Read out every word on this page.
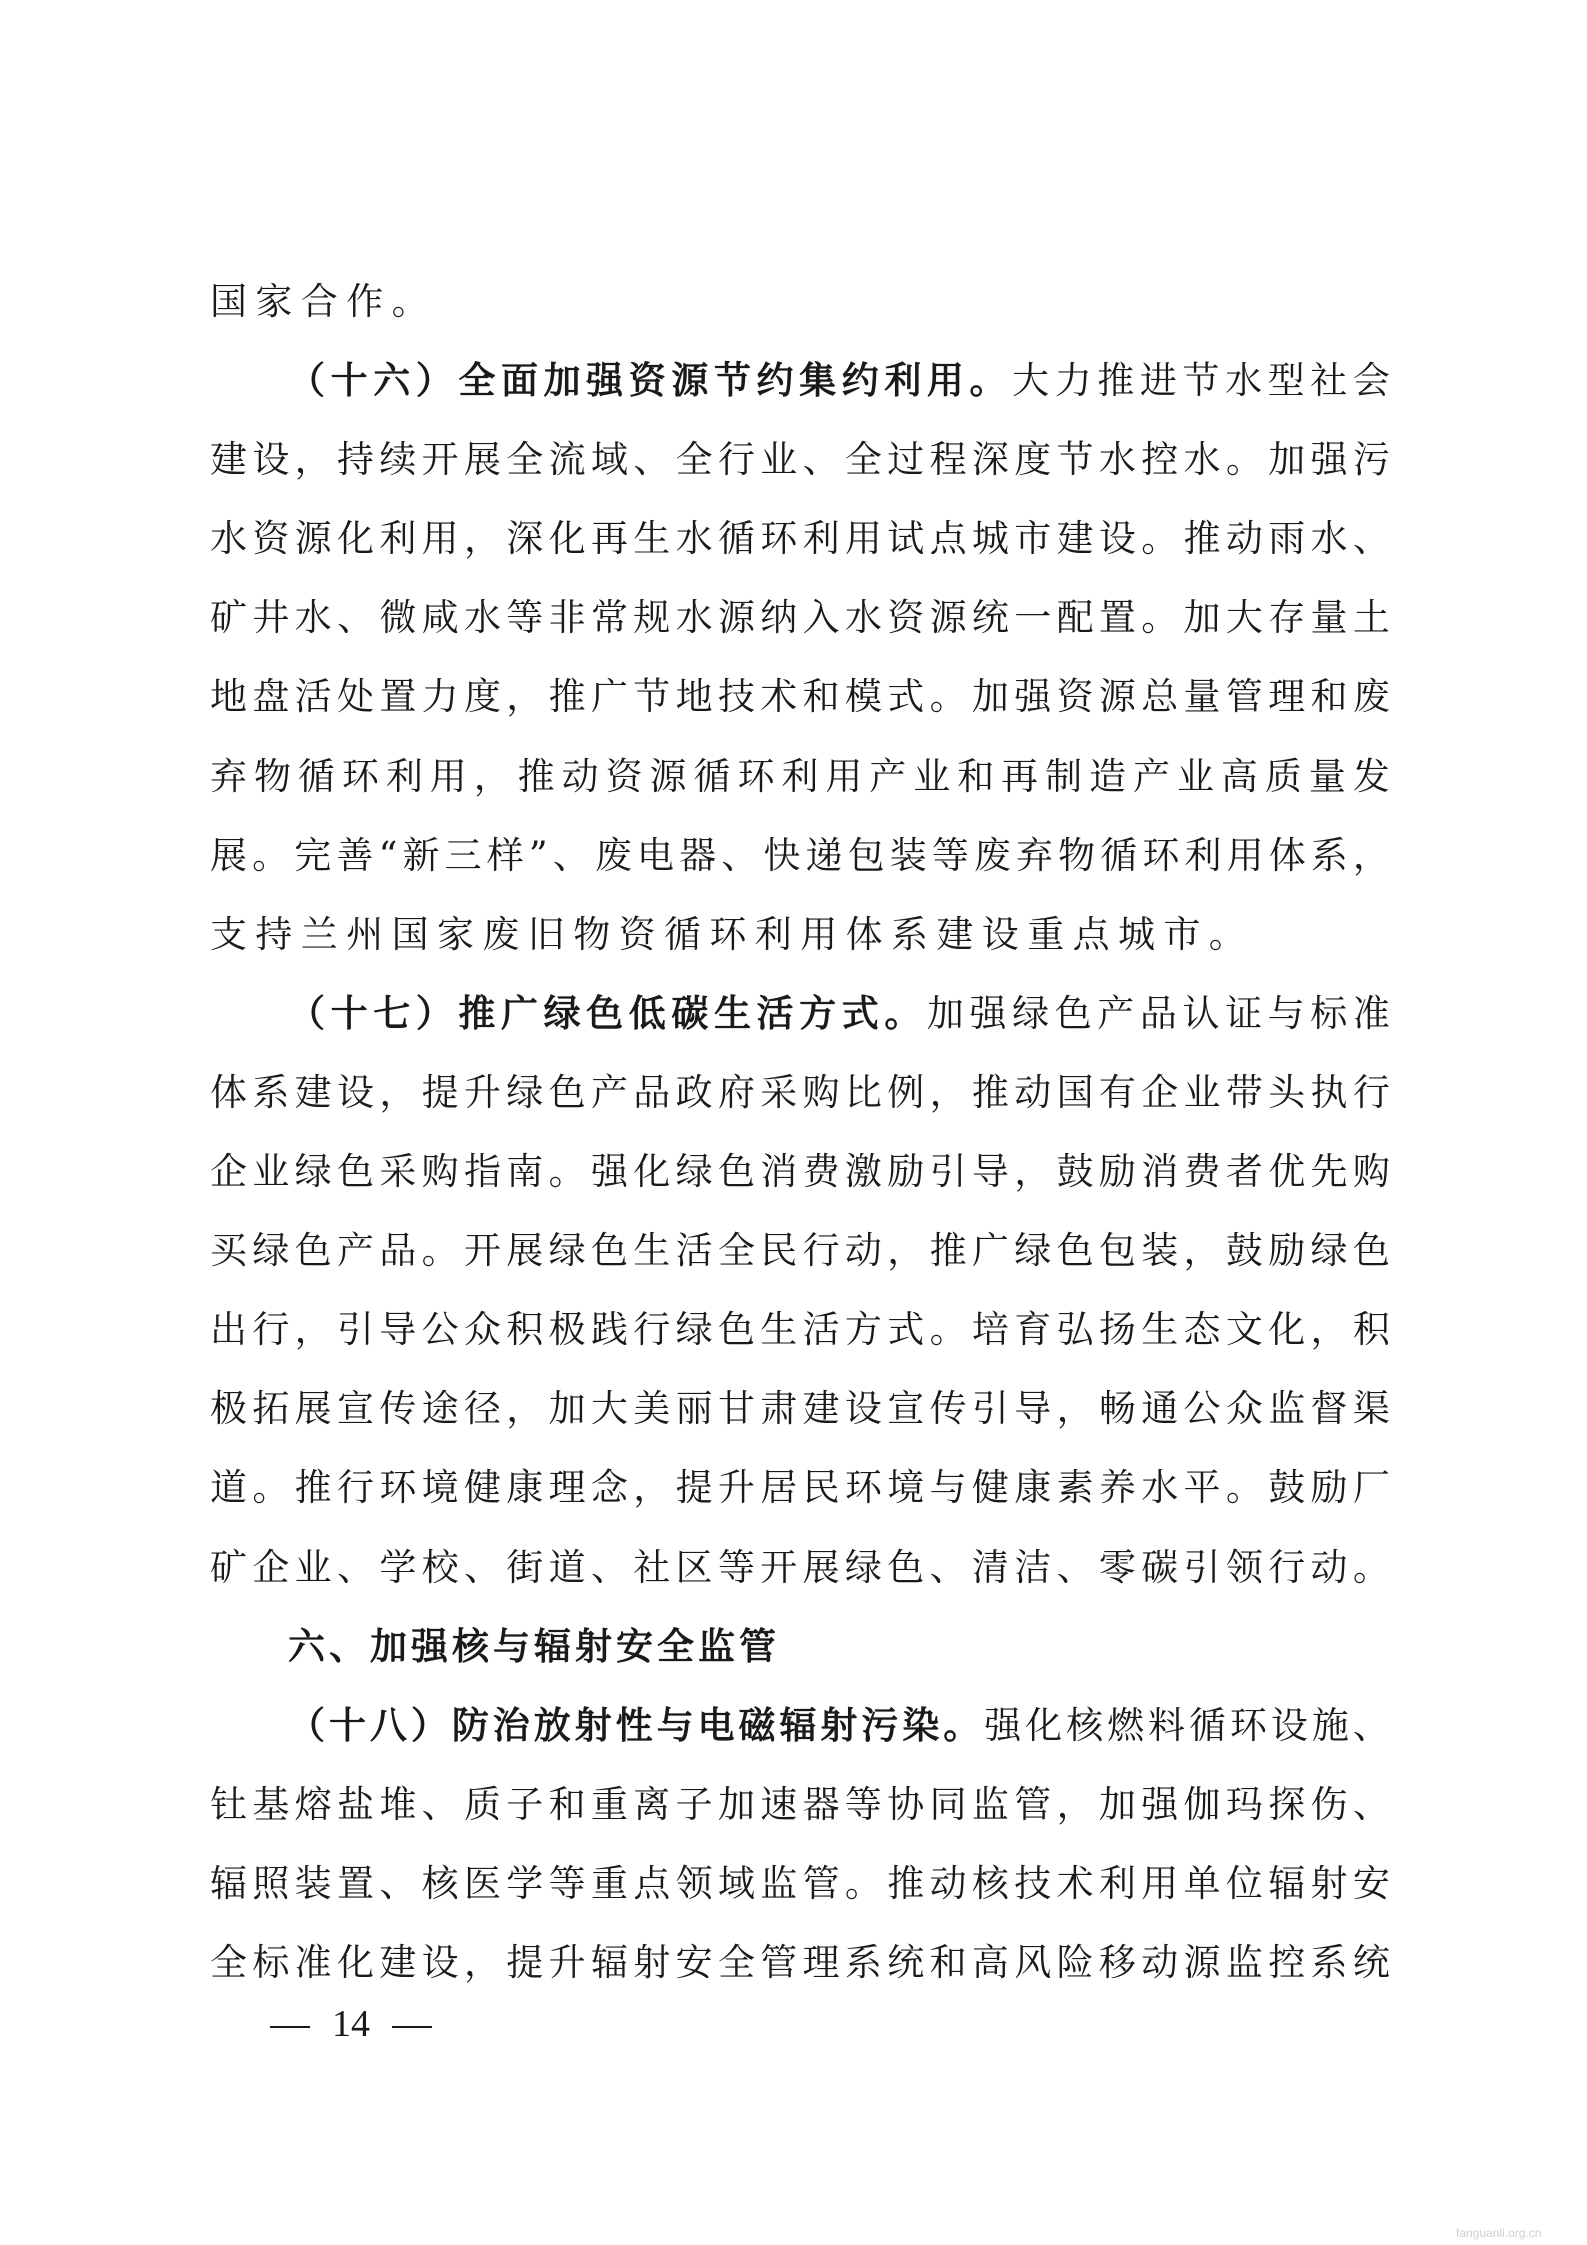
国家合作。
（ 十 六 ） 全 面 加 强 资 源 节 约 集 约 利 用 。 大 力 推 进 节 水 型 社 会
建 设 ， 持 续 开 展 全 流 域 、 全 行 业 、 全 过 程 深 度 节 水 控 水 。 加 强 污
水 资 源 化 利 用 ， 深 化 再 生 水 循 环 利 用 试 点 城 市 建 设 。 推 动 雨 水 、
矿 井 水 、 微 咸 水 等 非 常 规 水 源 纳 入 水 资 源 统 一 配 置 。 加 大 存 量 土
地 盘 活 处 置 力 度 ， 推 广 节 地 技 术 和 模 式 。 加 强 资 源 总 量 管 理 和 废
弃 物 循 环 利 用 ， 推 动 资 源 循 环 利 用 产 业 和 再 制 造 产 业 高 质 量 发
展 。 完 善 “ 新 三 样 ” 、 废 电 器 、 快 递 包 装 等 废 弃 物 循 环 利 用 体 系 ，
支持兰州国家废旧物资循环利用体系建设重点城市。
（ 十 七 ） 推 广 绿 色 低 碳 生 活 方 式 。 加 强 绿 色 产 品 认 证 与 标 准
体 系 建 设 ， 提 升 绿 色 产 品 政 府 采 购 比 例 ， 推 动 国 有 企 业 带 头 执 行
企 业 绿 色 采 购 指 南 。 强 化 绿 色 消 费 激 励 引 导 ， 鼓 励 消 费 者 优 先 购
买 绿 色 产 品 。 开 展 绿 色 生 活 全 民 行 动 ， 推 广 绿 色 包 装 ， 鼓 励 绿 色
出 行 ， 引 导 公 众 积 极 践 行 绿 色 生 活 方 式 。 培 育 弘 扬 生 态 文 化 ， 积
极 拓 展 宣 传 途 径 ， 加 大 美 丽 甘 肃 建 设 宣 传 引 导 ， 畅 通 公 众 监 督 渠
道 。 推 行 环 境 健 康 理 念 ， 提 升 居 民 环 境 与 健 康 素 养 水 平 。 鼓 励 厂
矿 企 业 、 学 校 、 街 道 、 社 区 等 开 展 绿 色 、 清 洁 、 零 碳 引 领 行 动 。
六、加强核与辐射安全监管
（ 十 八 ） 防 治 放 射 性 与 电 磁 辐 射 污 染 。 强 化 核 燃 料 循 环 设 施 、
钍 基 熔 盐 堆 、 质 子 和 重 离 子 加 速 器 等 协 同 监 管 ， 加 强 伽 玛 探 伤 、
辐 照 装 置 、 核 医 学 等 重 点 领 域 监 管 。 推 动 核 技 术 利 用 单 位 辐 射 安
全 标 准 化 建 设 ， 提 升 辐 射 安 全 管 理 系 统 和 高 风 险 移 动 源 监 控 系 统
14
fanguanli.org.cn
